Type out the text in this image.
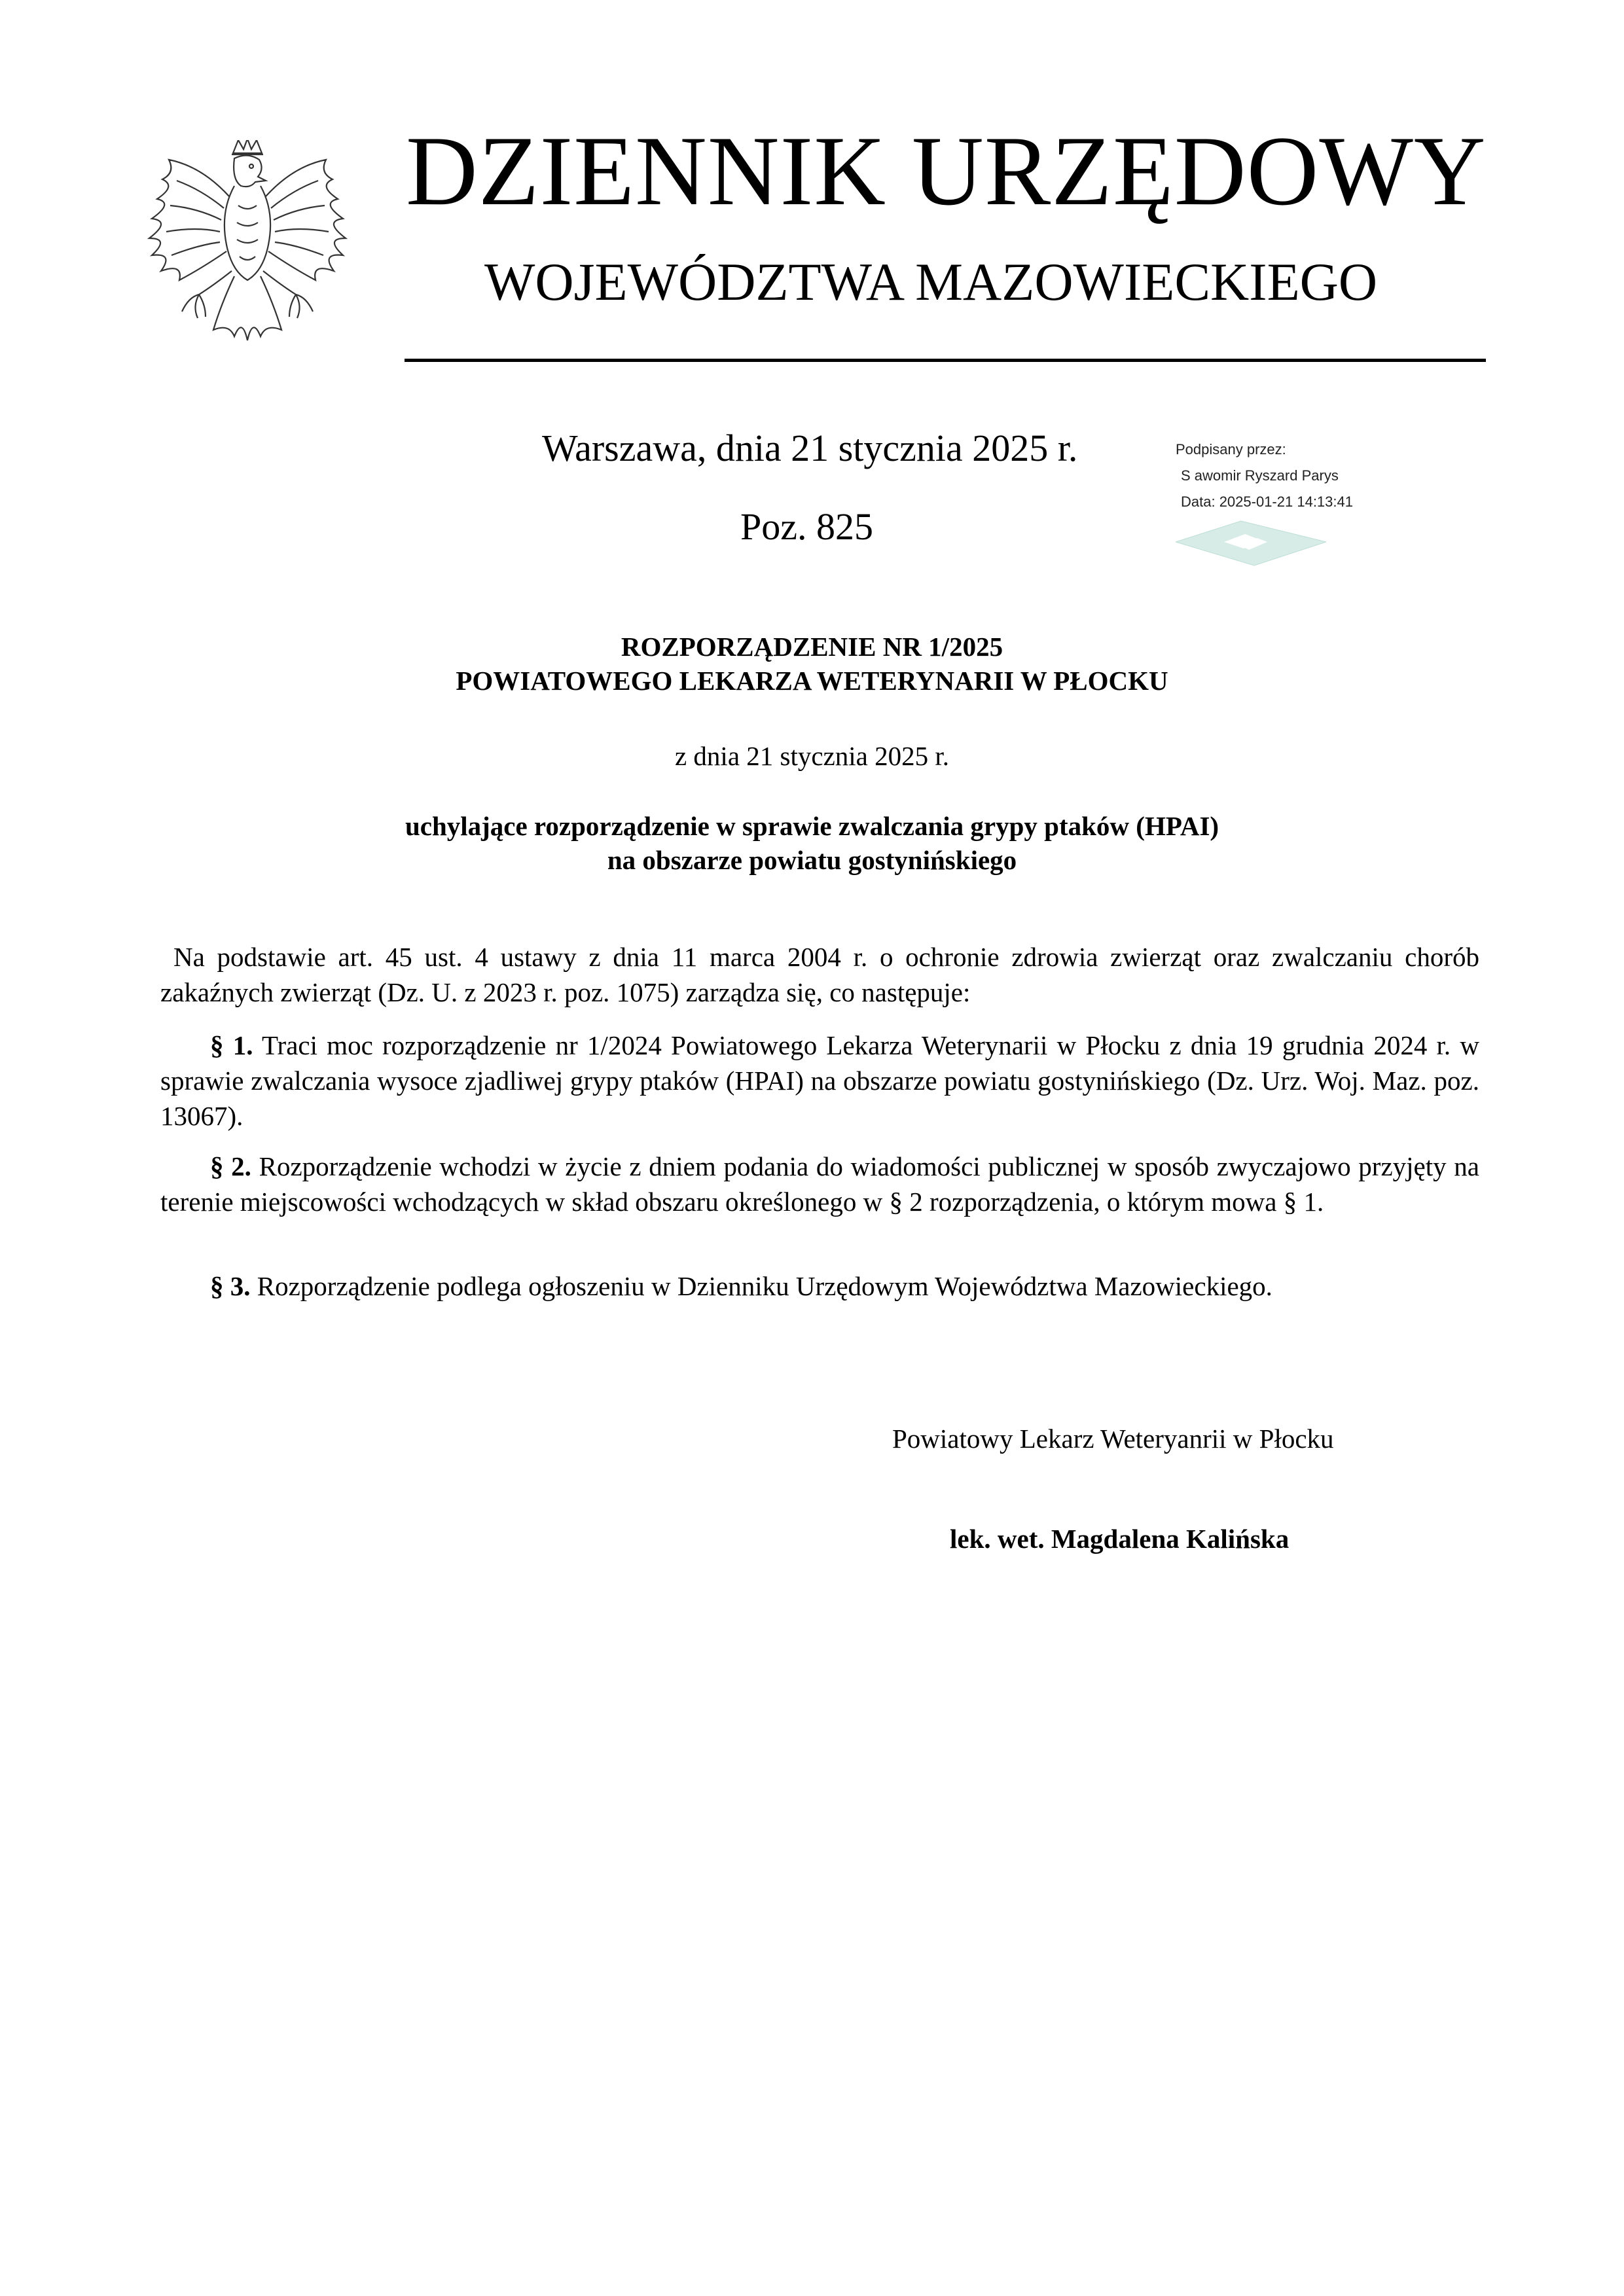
DZIENNIK URZĘDOWY
WOJEWÓDZTWA MAZOWIECKIEGO
Warszawa, dnia 21 stycznia 2025 r.
Poz. 825
Podpisany przez:
S awomir Ryszard Parys
Data: 2025-01-21 14:13:41
ROZPORZĄDZENIE NR 1/2025
POWIATOWEGO LEKARZA WETERYNARII W PŁOCKU
z dnia 21 stycznia 2025 r.
uchylające rozporządzenie w sprawie zwalczania grypy ptaków (HPAI)
na obszarze powiatu gostynińskiego
Na podstawie art. 45 ust. 4 ustawy z dnia 11 marca 2004 r. o ochronie zdrowia zwierząt oraz zwalczaniu chorób zakaźnych zwierząt (Dz. U. z 2023 r. poz. 1075) zarządza się, co następuje:
§ 1. Traci moc rozporządzenie nr 1/2024 Powiatowego Lekarza Weterynarii w Płocku z dnia 19 grudnia 2024 r. w sprawie zwalczania wysoce zjadliwej grypy ptaków (HPAI) na obszarze powiatu gostynińskiego (Dz. Urz. Woj. Maz. poz. 13067).
§ 2. Rozporządzenie wchodzi w życie z dniem podania do wiadomości publicznej w sposób zwyczajowo przyjęty na terenie miejscowości wchodzących w skład obszaru określonego w § 2 rozporządzenia, o którym mowa § 1.
§ 3. Rozporządzenie podlega ogłoszeniu w Dzienniku Urzędowym Województwa Mazowieckiego.
Powiatowy Lekarz Weteryanrii w Płocku
lek. wet. Magdalena Kalińska
